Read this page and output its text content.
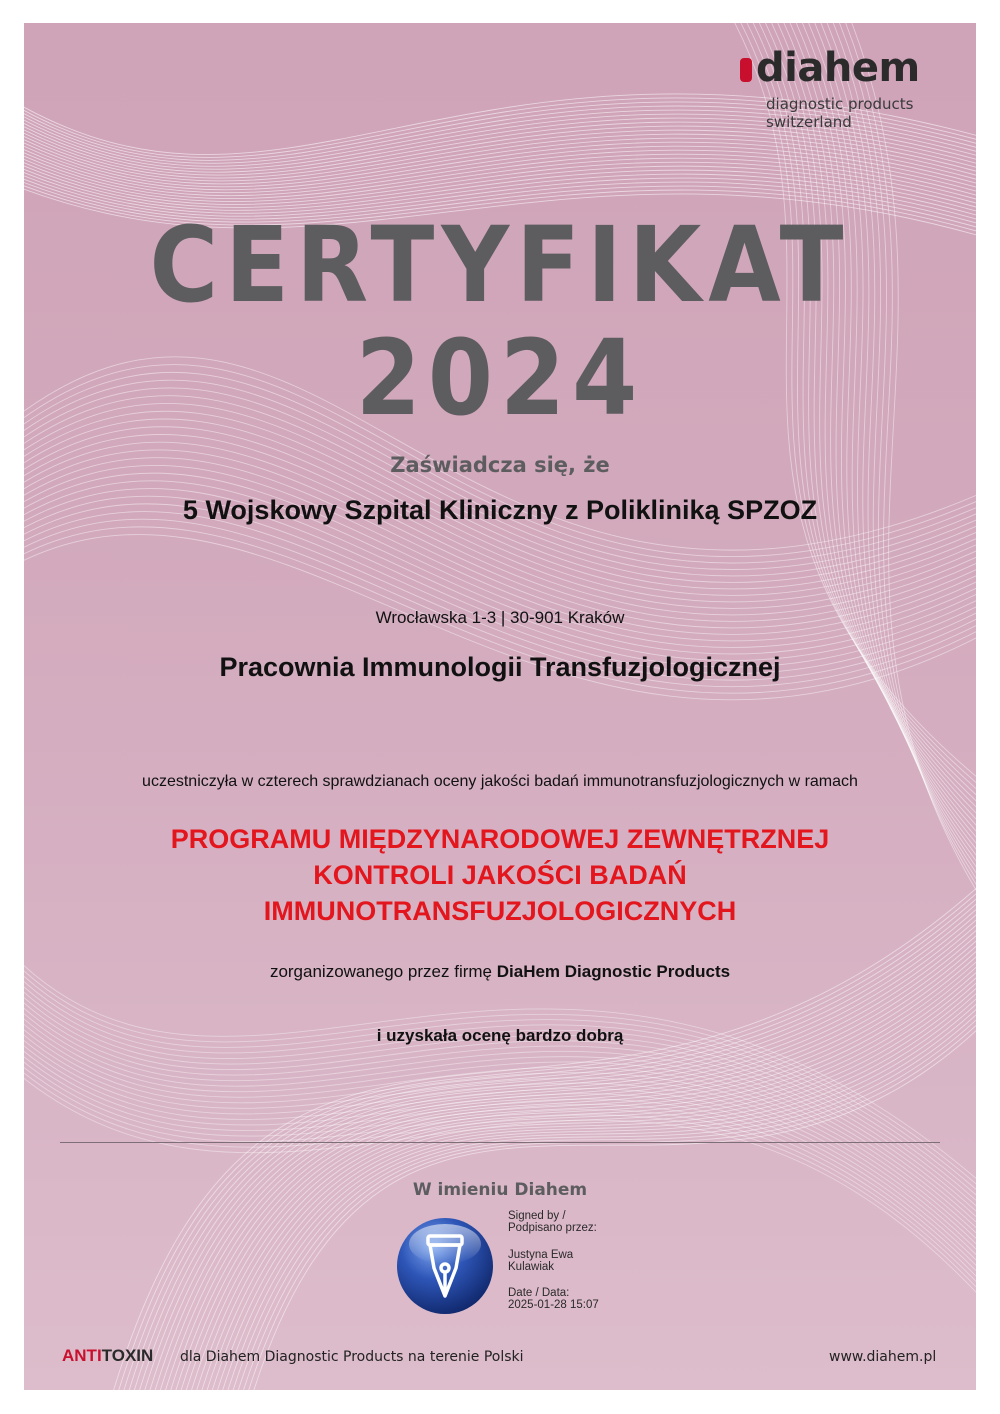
diahem
diagnostic products
switzerland
CERTYFIKAT
2024
Zaświadcza się, że
5 Wojskowy Szpital Kliniczny z Polikliniką SPZOZ
Wrocławska 1-3 | 30-901 Kraków
Pracownia Immunologii Transfuzjologicznej
uczestniczyła w czterech sprawdzianach oceny jakości badań immunotransfuzjologicznych w ramach
PROGRAMU MIĘDZYNARODOWEJ ZEWNĘTRZNEJ
KONTROLI JAKOŚCI BADAŃ
IMMUNOTRANSFUZJOLOGICZNYCH
zorganizowanego przez firmę DiaHem Diagnostic Products
i uzyskała ocenę bardzo dobrą
W imieniu Diahem
Signed by /
Podpisano przez:
Justyna Ewa
Kulawiak
Date / Data:
2025-01-28 15:07
ANTITOXIN dla Diahem Diagnostic Products na terenie Polski	www.diahem.pl
